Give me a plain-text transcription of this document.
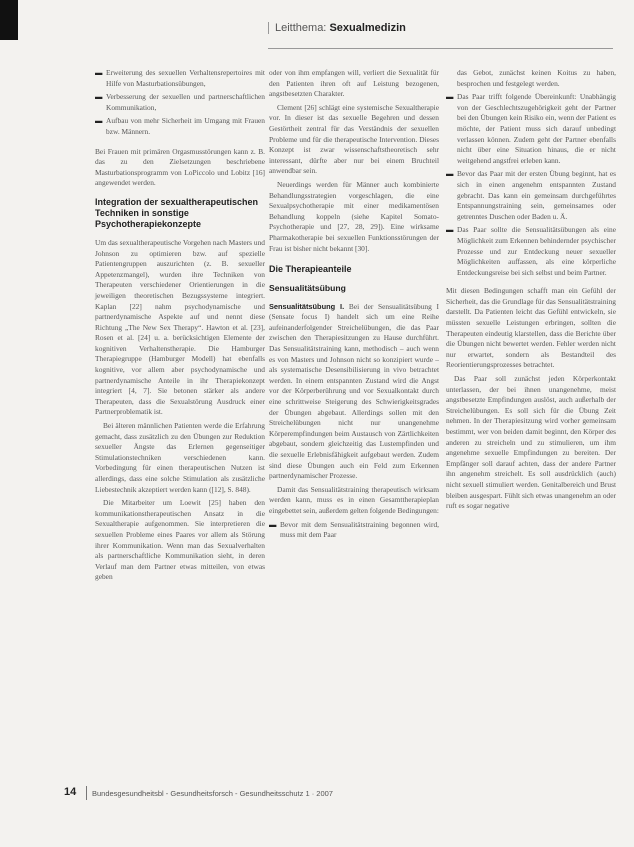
Leitthema: Sexualmedizin
▬ Erweiterung des sexuellen Verhaltensrepertoires mit Hilfe von Masturbationsübungen,
▬ Verbesserung der sexuellen und partnerschaftlichen Kommunikation,
▬ Aufbau von mehr Sicherheit im Umgang mit Frauen bzw. Männern.

Bei Frauen mit primären Orgasmusstörungen kann z. B. das zu den Zielsetzungen beschriebene Masturbationsprogramm von LoPiccolo und Lobitz [16] angewendet werden.

Integration der sexualtherapeutischen Techniken in sonstige Psychotherapiekonzepte

Um das sexualtherapeutische Vorgehen nach Masters und Johnson zu optimieren bzw. auf spezielle Patientengruppen auszurichten (z. B. sexueller Appetenzmangel), wurden ihre Techniken von Therapeuten verschiedener Orientierungen in die jeweiligen theoretischen Bezugssysteme integriert. Kaplan [22] nahm psychodynamische und partnerdynamische Aspekte auf und nennt diese Richtung „The New Sex Therapy“. Hawton et al. [23], Rosen et al. [24] u. a. berücksichtigen Elemente der kognitiven Verhaltenstherapie. Die Hamburger Therapiegruppe (Hamburger Modell) hat ebenfalls kognitive, vor allem aber psychodynamische und partnerdynamische Anteile in ihr Therapiekonzept integriert [4, 7]. Sie betonen stärker als andere Therapeuten, dass die Sexualstörung Ausdruck einer Partnerproblematik ist.

Bei älteren männlichen Patienten werde die Erfahrung gemacht, dass zusätzlich zu den Übungen zur Reduktion sexueller Ängste das Erlernen gegenseitiger Stimulationstechniken verschiedenen kann. Vorbedingung für einen therapeutischen Nutzen ist allerdings, dass eine solche Stimulation als zusätzliche Liebestechnik akzeptiert werden kann ([12], S. 848).

Die Mitarbeiter um Loewit [25] haben den kommunikationstherapeutischen Ansatz in die Sexualtherapie aufgenommen. Sie interpretieren die sexuellen Probleme eines Paares vor allem als Störung ihrer Kommunikation. Wenn man das Sexualverhalten als partnerschaftliche Kommunikation sieht, in deren Verlauf man dem Partner etwas mitteilen, von etwas geben

oder von ihm empfangen will, verliert die Sexualität für den Patienten ihren oft auf Leistung bezogenen, angstbesetzten Charakter.

Clement [26] schlägt eine systemische Sexualtherapie vor. In dieser ist das sexuelle Begehren und dessen Gestörtheit zentral für das Verständnis der sexuellen Probleme und für die therapeutische Intervention. Dieses Konzept ist zwar wissenschaftstheoretisch sehr interessant, dürfte aber nur bei einem Bruchteil anwendbar sein.

Neuerdings werden für Männer auch kombinierte Behandlungsstrategien vorgeschlagen, die eine Sexualpsychotherapie mit einer medikamentösen Behandlung koppeln (siehe Kapitel Somato-Psychotherapie und [27, 28, 29]). Eine wirksame Pharmakotherapie bei sexuellen Funktionsstörungen der Frau ist bisher nicht bekannt [30].

Die Therapieanteile
Sensualitätsübung

Sensualitätsübung I. Bei der Sensualitätsübung I (Sensate focus I) handelt sich um eine Reihe aufeinanderfolgender Streichelübungen, die das Paar zwischen den Therapiesitzungen zu Hause durchführt. Das Sensualitätstraining kann, methodisch – auch wenn es von Masters und Johnson nicht so konzipiert wurde – als systematische Desensibilisierung in vivo betrachtet werden. In einem entspannten Zustand wird die Angst vor der Körperberührung und vor Sexualkontakt durch eine schrittweise Steigerung des Schwierigkeitsgrades der Übungen abgebaut. Allerdings sollen mit den Streichelübungen nicht nur unangenehme Körperempfindungen beim Austausch von Zärtlichkeiten abgebaut, sondern gleichzeitig das Lustempfinden und die sexuelle Erlebnisfähigkeit aufgebaut werden. Zudem sind diese Übungen auch ein Feld zum Erkennen partnerdynamischer Prozesse.

Damit das Sensualitätstraining therapeutisch wirksam werden kann, muss es in einen Gesamttherapieplan eingebettet sein, außerdem gelten folgende Bedingungen:

▬ Bevor mit dem Sensualitätstraining begonnen wird, muss mit dem Paar

das Gebot, zunächst keinen Koitus zu haben, besprochen und festgelegt werden.

▬ Das Paar trifft folgende Übereinkunft: Unabhängig von der Geschlechtszugehörigkeit geht der Partner bei den Übungen kein Risiko ein, wenn der Patient es möchte, der Patient muss sich darauf unbedingt verlassen können. Zudem geht der Partner ebenfalls nicht über eine Situation hinaus, die er nicht weitgehend angstfrei erleben kann.
▬ Bevor das Paar mit der ersten Übung beginnt, hat es sich in einen angenehm entspannten Zustand gebracht. Das kann ein gemeinsam durchgeführtes Entspannungstraining sein, gemeinsames oder getrenntes Duschen oder Baden u. Ä.
▬ Das Paar sollte die Sensualitätsübungen als eine Möglichkeit zum Erkennen behindernder psychischer Prozesse und zur Entdeckung neuer sexueller Möglichkeiten auffassen, als eine körperliche Entdeckungsreise bei sich selbst und beim Partner.

Mit diesen Bedingungen schafft man ein Gefühl der Sicherheit, das die Grundlage für das Sensualitätstraining darstellt. Da Patienten leicht das Gefühl entwickeln, sie müssten sexuelle Leistungen erbringen, sollten die Therapeuten eindeutig klarstellen, dass die Berichte über die Übungen nicht bewertet werden. Fehler werden nicht nur erwartet, sondern als Bestandteil des Reorientierungsprozesses betrachtet.

Das Paar soll zunächst jeden Körperkontakt unterlassen, der bei ihnen unangenehme, meist angstbesetzte Empfindungen auslöst, auch außerhalb der Streichelübungen. Es soll sich für die Übung Zeit nehmen. In der Therapiesitzung wird vorher gemeinsam bestimmt, wer von beiden damit beginnt, den Körper des anderen zu streicheln und zu stimulieren, um ihm angenehme sexuelle Empfindungen zu bereiten. Der Empfänger soll darauf achten, dass der andere Partner ihn angenehm streichelt. Es soll ausdrücklich (auch) nicht sexuell stimuliert werden. Genitalbereich und Brust bleiben ausgespart. Fühlt sich etwas unangenehm an oder ruft es sogar negative

14 Bundesgesundheitsbl - Gesundheitsforsch - Gesundheitsschutz 1 · 2007
